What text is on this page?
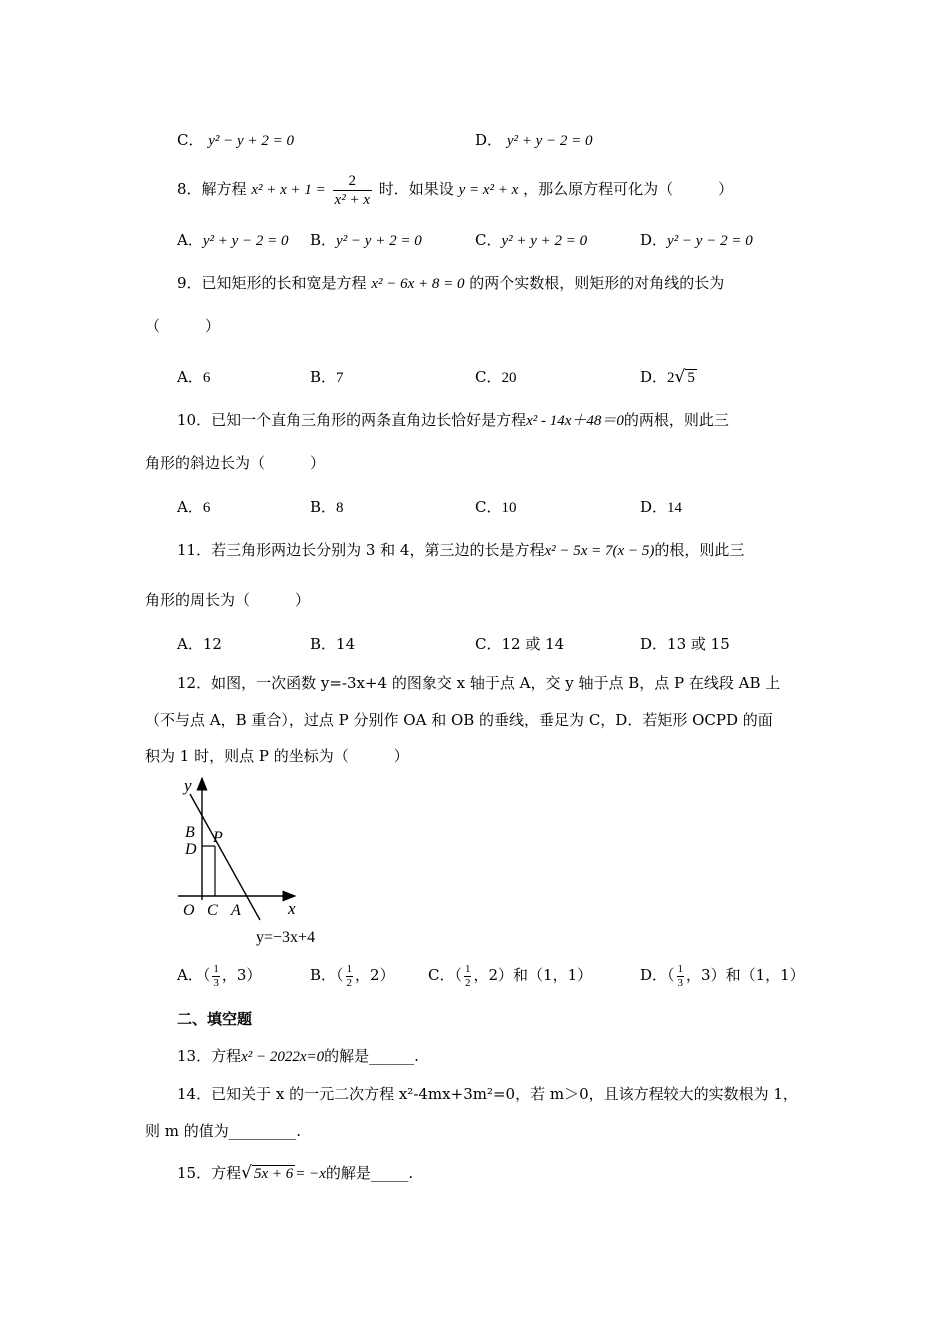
C． y² − y + 2 = 0	D． y² + y − 2 = 0
8．解方程 $x^2 + x + 1 = \frac{2}{\text{x² + x}}$ 时．如果设 y = x² + x ，那么原方程可化为（　　　）
A．y² + y − 2 = 0 B．y² − y + 2 = 0	C．y² + y + 2 = 0	D．y² − y − 2 = 0
9．已知矩形的长和宽是方程 x² − 6x + 8 = 0 的两个实数根，则矩形的对角线的长为
（　　　）
A．6	B．7	C．20	D．2√ 5
10．已知一个直角三角形的两条直角边长恰好是方程x² - 14x＋48＝0的两根，则此三
角形的斜边长为（　　　）
A．6	B．8	C．10	D．14
11．若三角形两边长分别为 3 和 4，第三边的长是方程x² − 5x = 7(x − 5)的根，则此三
角形的周长为（　　　）
A．12	B．14	C．12 或 14	D．13 或 15
12．如图，一次函数 y=-3x+4 的图象交 x 轴于点 A，交 y 轴于点 B，点 P 在线段 AB 上
（不与点 A，B 重合），过点 P 分别作 OA 和 OB 的垂线，垂足为 C，D．若矩形 OCPD 的面
积为 1 时，则点 P 的坐标为（　　　）
y
x
B P
D
O C A
y=−3x+4
A．（ $\frac{1}{3}$ ，3）	B．（ $\frac{1}{2}$ ，2） C．（ $\frac{1}{2}$ ，2）和（1，1）	D．（ $\frac{1}{3}$ ，3）和（1，1）
二、填空题
13．方程x² − 2022x=0的解是______.
14．已知关于 x 的一元二次方程 x²-4mx+3m²=0，若 m＞0，且该方程较大的实数根为 1，
则 m 的值为_________.
15．方程√ 5x + 6 = −x的解是_____.
